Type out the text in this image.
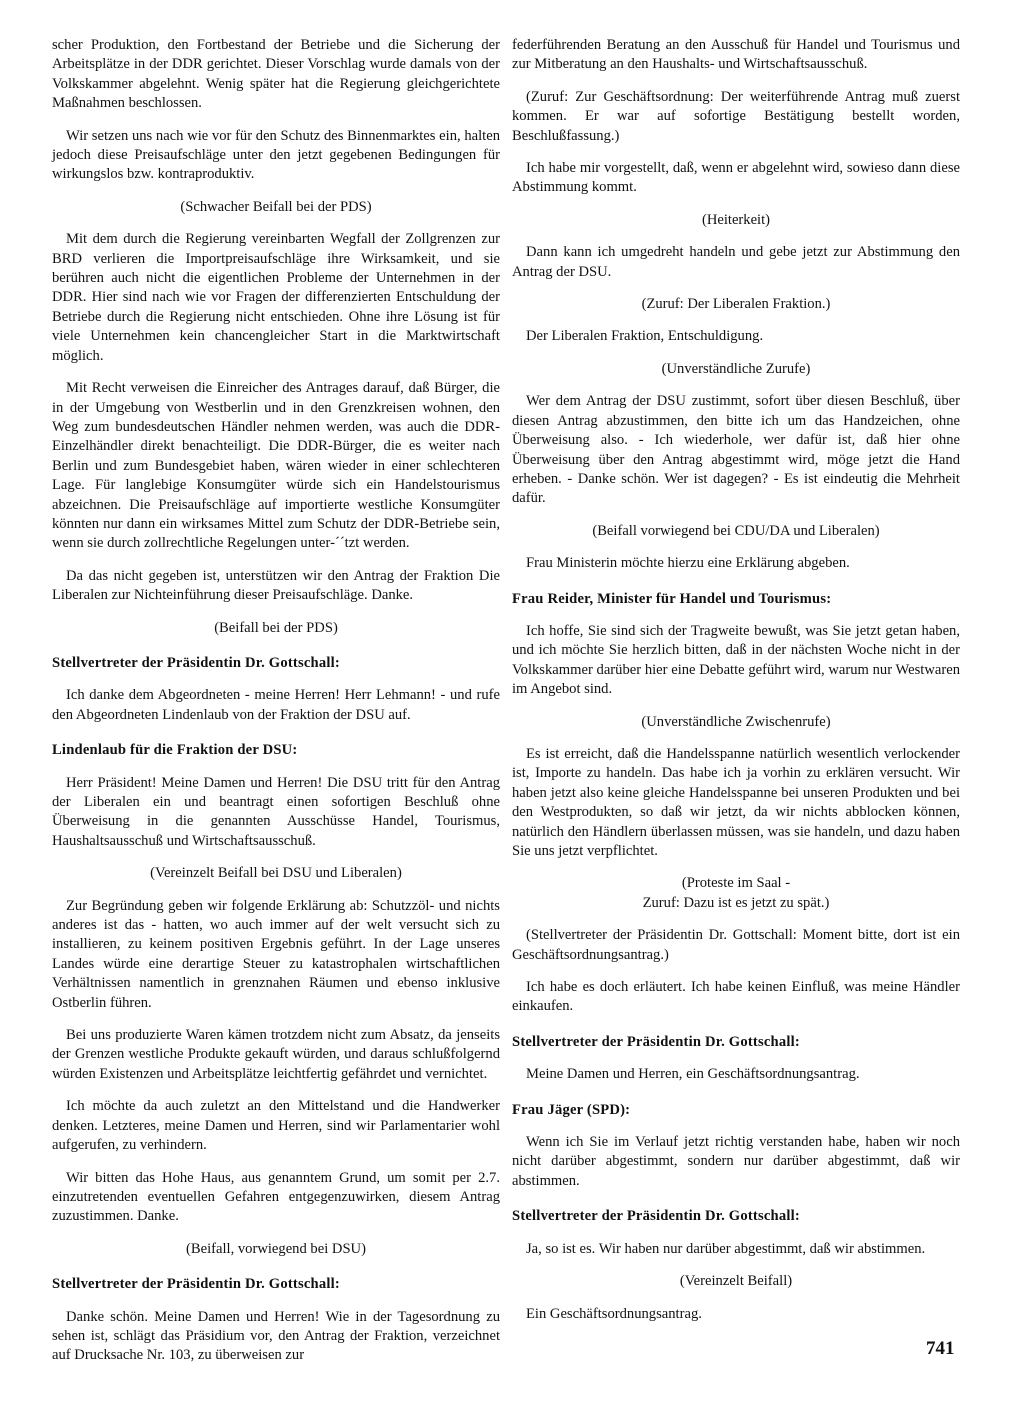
scher Produktion, den Fortbestand der Betriebe und die Sicherung der Arbeitsplätze in der DDR gerichtet. Dieser Vorschlag wurde damals von der Volkskammer abgelehnt. Wenig später hat die Regierung gleichgerichtete Maßnahmen beschlossen.

Wir setzen uns nach wie vor für den Schutz des Binnenmarktes ein, halten jedoch diese Preisaufschläge unter den jetzt gegebenen Bedingungen für wirkungslos bzw. kontraproduktiv.

(Schwacher Beifall bei der PDS)

Mit dem durch die Regierung vereinbarten Wegfall der Zollgrenzen zur BRD verlieren die Importpreisaufschläge ihre Wirksamkeit, und sie berühren auch nicht die eigentlichen Probleme der Unternehmen in der DDR. Hier sind nach wie vor Fragen der differenzierten Entschuldung der Betriebe durch die Regierung nicht entschieden. Ohne ihre Lösung ist für viele Unternehmen kein chancengleicher Start in die Marktwirtschaft möglich.

Mit Recht verweisen die Einreicher des Antrages darauf, daß Bürger, die in der Umgebung von Westberlin und in den Grenzkreisen wohnen, den Weg zum bundesdeutschen Händler nehmen werden, was auch die DDR-Einzelhändler direkt benachteiligt. Die DDR-Bürger, die es weiter nach Berlin und zum Bundesgebiet haben, wären wieder in einer schlechteren Lage. Für langlebige Konsumgüter würde sich ein Handelstourismus abzeichnen. Die Preisaufschläge auf importierte westliche Konsumgüter könnten nur dann ein wirksames Mittel zum Schutz der DDR-Betriebe sein, wenn sie durch zollrechtliche Regelungen unter-´´tzt werden.

Da das nicht gegeben ist, unterstützen wir den Antrag der Fraktion Die Liberalen zur Nichteinführung dieser Preisaufschläge. Danke.

(Beifall bei der PDS)

Stellvertreter der Präsidentin Dr. Gottschall:

Ich danke dem Abgeordneten - meine Herren! Herr Lehmann! - und rufe den Abgeordneten Lindenlaub von der Fraktion der DSU auf.

Lindenlaub für die Fraktion der DSU:

Herr Präsident! Meine Damen und Herren! Die DSU tritt für den Antrag der Liberalen ein und beantragt einen sofortigen Beschluß ohne Überweisung in die genannten Ausschüsse Handel, Tourismus, Haushaltsausschuß und Wirtschaftsausschuß.

(Vereinzelt Beifall bei DSU und Liberalen)

Zur Begründung geben wir folgende Erklärung ab: Schutzzöl- und nichts anderes ist das - hatten, wo auch immer auf der welt versucht sich zu installieren, zu keinem positiven Ergebnis geführt. In der Lage unseres Landes würde eine derartige Steuer zu katastrophalen wirtschaftlichen Verhältnissen namentlich in grenznahen Räumen und ebenso inklusive Ostberlin führen.

Bei uns produzierte Waren kämen trotzdem nicht zum Absatz, da jenseits der Grenzen westliche Produkte gekauft würden, und daraus schlußfolgernd würden Existenzen und Arbeitsplätze leichtfertig gefährdet und vernichtet.

Ich möchte da auch zuletzt an den Mittelstand und die Handwerker denken. Letzteres, meine Damen und Herren, sind wir Parlamentarier wohl aufgerufen, zu verhindern.

Wir bitten das Hohe Haus, aus genanntem Grund, um somit per 2.7. einzutretenden eventuellen Gefahren entgegenzuwirken, diesem Antrag zuzustimmen. Danke.

(Beifall, vorwiegend bei DSU)

Stellvertreter der Präsidentin Dr. Gottschall:

Danke schön. Meine Damen und Herren! Wie in der Tagesordnung zu sehen ist, schlägt das Präsidium vor, den Antrag der Fraktion, verzeichnet auf Drucksache Nr. 103, zu überweisen zur

federführenden Beratung an den Ausschuß für Handel und Tourismus und zur Mitberatung an den Haushalts- und Wirtschaftsausschuß.

(Zuruf: Zur Geschäftsordnung: Der weiterführende Antrag muß zuerst kommen. Er war auf sofortige Bestätigung bestellt worden, Beschlußfassung.)

Ich habe mir vorgestellt, daß, wenn er abgelehnt wird, sowieso dann diese Abstimmung kommt.

(Heiterkeit)

Dann kann ich umgedreht handeln und gebe jetzt zur Abstimmung den Antrag der DSU.

(Zuruf: Der Liberalen Fraktion.)

Der Liberalen Fraktion, Entschuldigung.

(Unverständliche Zurufe)

Wer dem Antrag der DSU zustimmt, sofort über diesen Beschluß, über diesen Antrag abzustimmen, den bitte ich um das Handzeichen, ohne Überweisung also. - Ich wiederhole, wer dafür ist, daß hier ohne Überweisung über den Antrag abgestimmt wird, möge jetzt die Hand erheben. - Danke schön. Wer ist dagegen? - Es ist eindeutig die Mehrheit dafür.

(Beifall vorwiegend bei CDU/DA und Liberalen)

Frau Ministerin möchte hierzu eine Erklärung abgeben.

Frau Reider, Minister für Handel und Tourismus:

Ich hoffe, Sie sind sich der Tragweite bewußt, was Sie jetzt getan haben, und ich möchte Sie herzlich bitten, daß in der nächsten Woche nicht in der Volkskammer darüber hier eine Debatte geführt wird, warum nur Westwaren im Angebot sind.

(Unverständliche Zwischenrufe)

Es ist erreicht, daß die Handelsspanne natürlich wesentlich verlockender ist, Importe zu handeln. Das habe ich ja vorhin zu erklären versucht. Wir haben jetzt also keine gleiche Handelsspanne bei unseren Produkten und bei den Westprodukten, so daß wir jetzt, da wir nichts abblocken können, natürlich den Händlern überlassen müssen, was sie handeln, und dazu haben Sie uns jetzt verpflichtet.

(Proteste im Saal -
Zuruf: Dazu ist es jetzt zu spät.)

(Stellvertreter der Präsidentin Dr. Gottschall: Moment bitte, dort ist ein Geschäftsordnungsantrag.)

Ich habe es doch erläutert. Ich habe keinen Einfluß, was meine Händler einkaufen.

Stellvertreter der Präsidentin Dr. Gottschall:

Meine Damen und Herren, ein Geschäftsordnungsantrag.

Frau Jäger (SPD):

Wenn ich Sie im Verlauf jetzt richtig verstanden habe, haben wir noch nicht darüber abgestimmt, sondern nur darüber abgestimmt, daß wir abstimmen.

Stellvertreter der Präsidentin Dr. Gottschall:

Ja, so ist es. Wir haben nur darüber abgestimmt, daß wir abstimmen.

(Vereinzelt Beifall)

Ein Geschäftsordnungsantrag.

741
